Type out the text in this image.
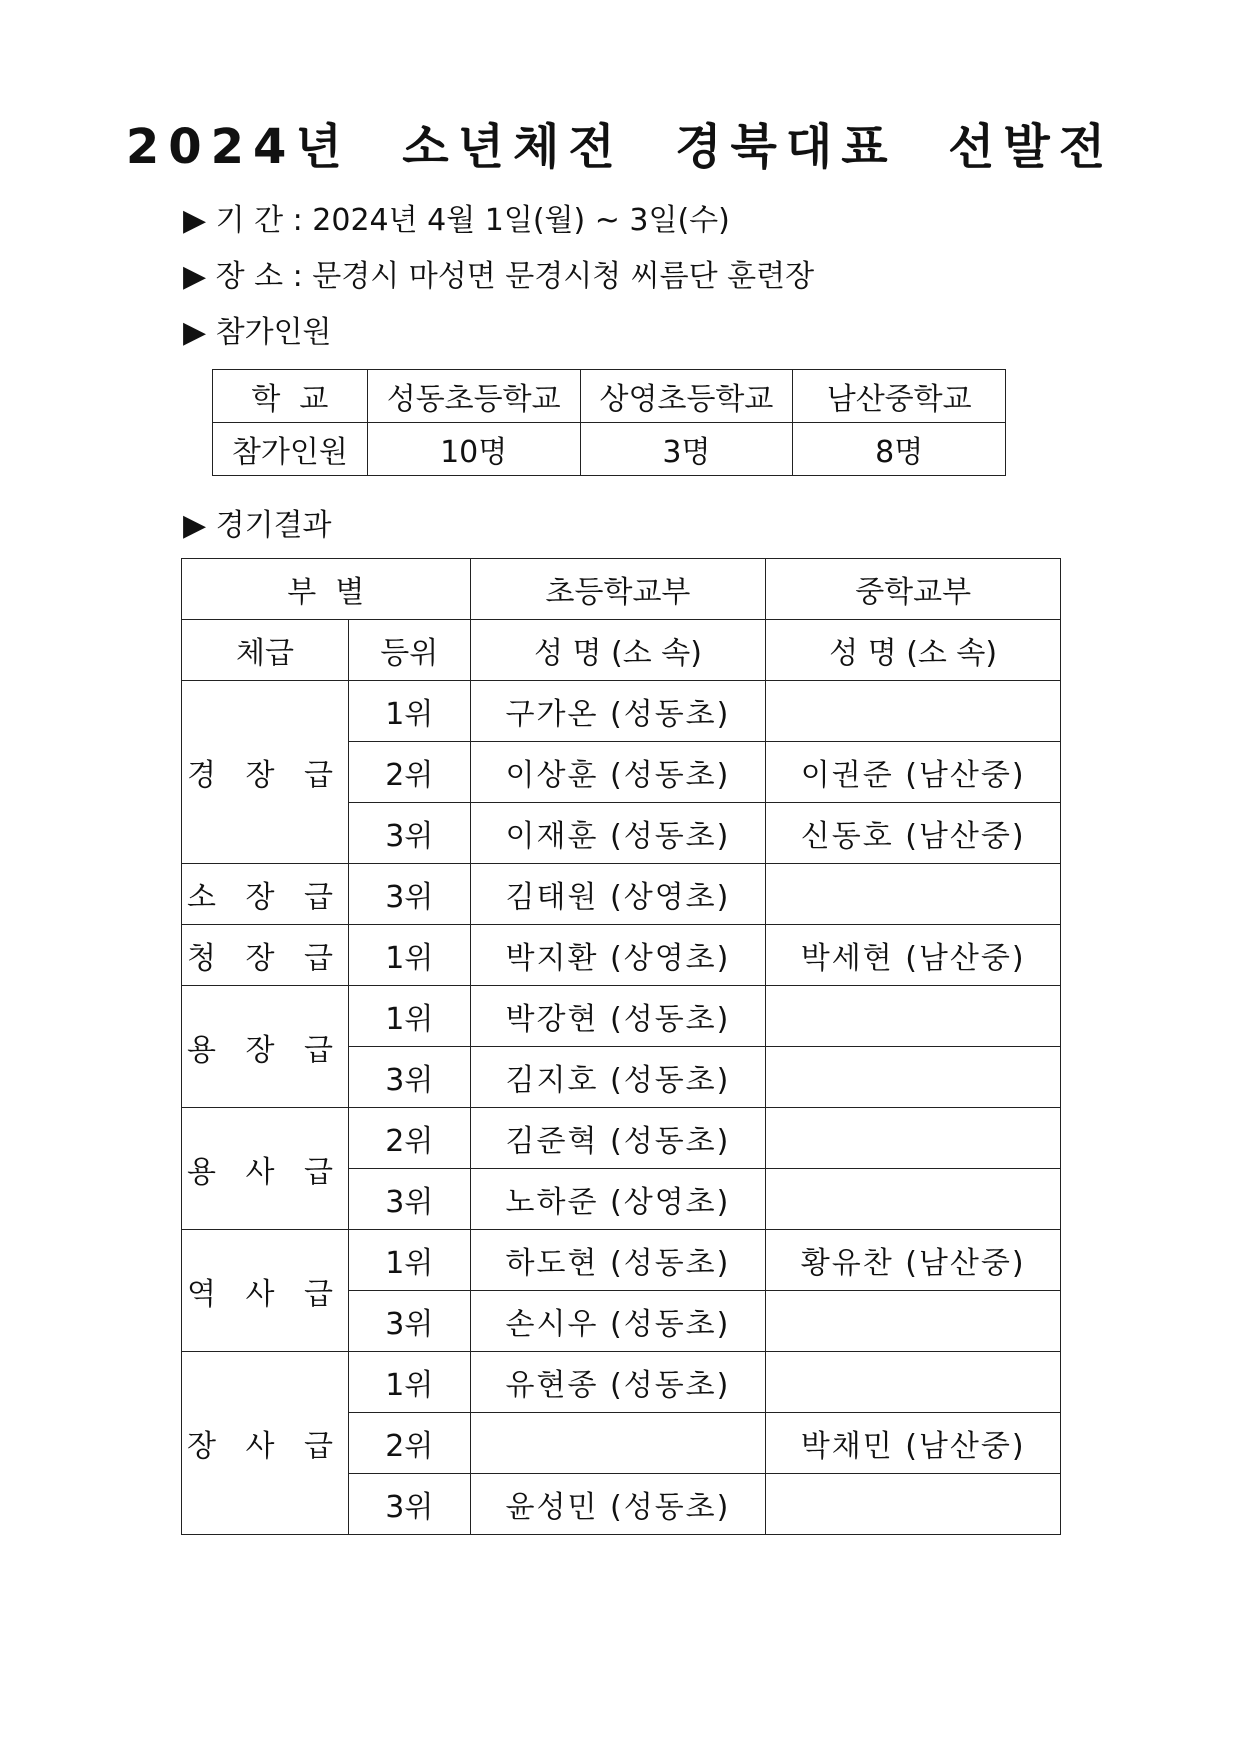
2024년  소년체전  경북대표  선발전
▶ 기 간 : 2024년 4월 1일(월) ~ 3일(수)
▶ 장 소 : 문경시 마성면 문경시청 씨름단 훈련장
▶ 참가인원
학  교	성동초등학교	상영초등학교	남산중학교
참가인원	10명	3명	8명
▶ 경기결과
부  별		초등학교부	중학교부
체급	등위	성 명 (소 속)	성 명 (소 속)
경 장 급	1위	구가온 (성동초)	
	2위	이상훈 (성동초)	이권준 (남산중)
	3위	이재훈 (성동초)	신동호 (남산중)
소 장 급	3위	김태원 (상영초)	
청 장 급	1위	박지환 (상영초)	박세현 (남산중)
용 장 급	1위	박강현 (성동초)	
	3위	김지호 (성동초)	
용 사 급	2위	김준혁 (성동초)	
	3위	노하준 (상영초)	
역 사 급	1위	하도현 (성동초)	황유찬 (남산중)
	3위	손시우 (성동초)	
장 사 급	1위	유현종 (성동초)	
	2위		박채민 (남산중)
	3위	윤성민 (성동초)	
